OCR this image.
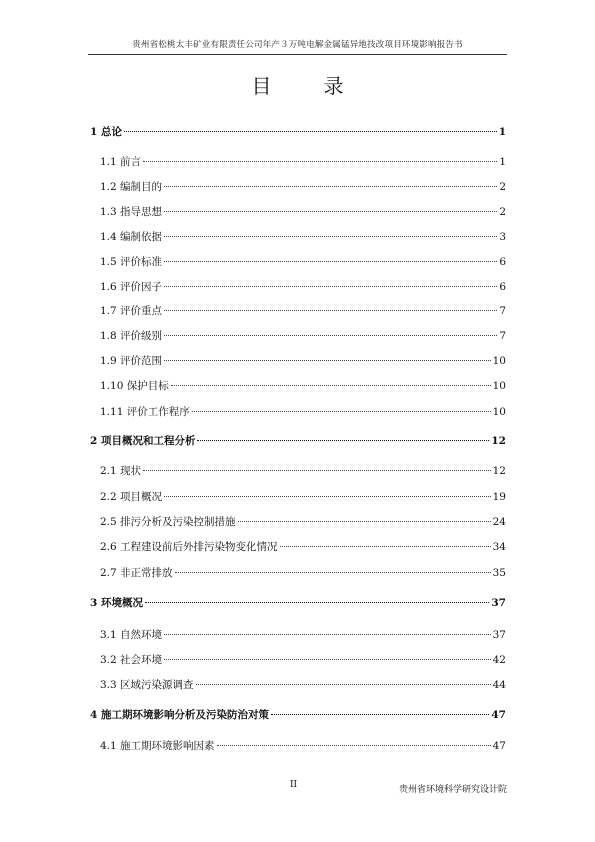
贵州省松桃太丰矿业有限责任公司年产３万吨电解金属锰异地技改项目环境影响报告书
目	录
1 总论	1
1.1 前言	1
1.2 编制目的	2
1.3 指导思想	2
1.4 编制依据	3
1.5 评价标准	6
1.6 评价因子	6
1.7 评价重点	7
1.8 评价级别	7
1.9 评价范围	10
1.10 保护目标	10
1.11 评价工作程序	10
2 项目概况和工程分析	12
2.1 现状	12
2.2 项目概况	19
2.5 排污分析及污染控制措施	24
2.6 工程建设前后外排污染物变化情况	34
2.7 非正常排放	35
3 环境概况	37
3.1 自然环境	37
3.2 社会环境	42
3.3 区域污染源调查	44
4 施工期环境影响分析及污染防治对策	47
4.1 施工期环境影响因素	47
II	贵州省环境科学研究设计院
